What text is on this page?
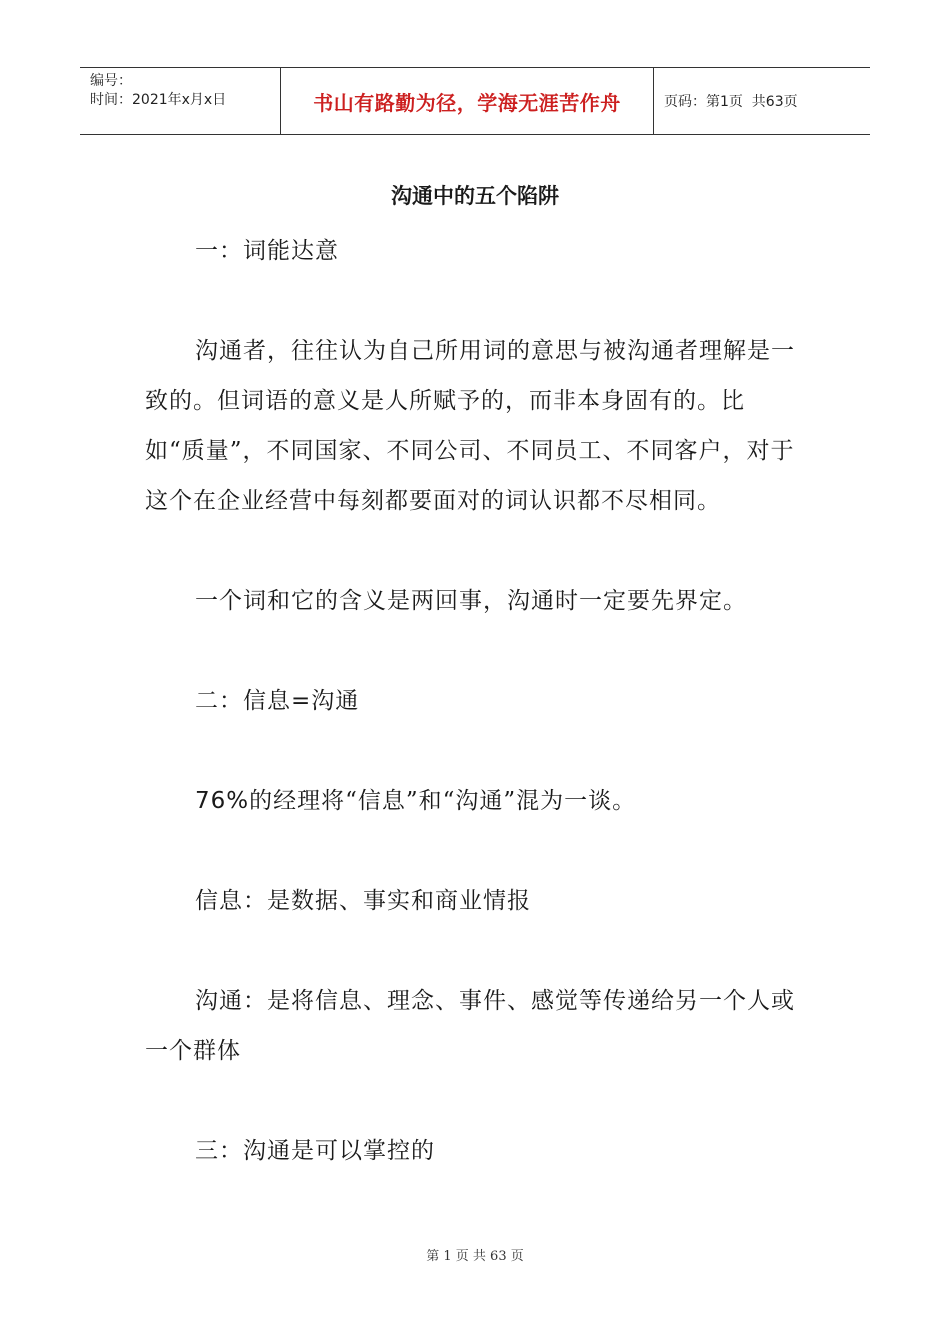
编号：
时间：2021年x月x日	书山有路勤为径，学海无涯苦作舟	页码：第1页  共63页
沟通中的五个陷阱

一：词能达意

沟通者，往往认为自己所用词的意思与被沟通者理解是一致的。但词语的意义是人所赋予的，而非本身固有的。比如“质量”，不同国家、不同公司、不同员工、不同客户，对于这个在企业经营中每刻都要面对的词认识都不尽相同。

一个词和它的含义是两回事，沟通时一定要先界定。

二：信息=沟通

76%的经理将“信息”和“沟通”混为一谈。

信息：是数据、事实和商业情报

沟通：是将信息、理念、事件、感觉等传递给另一个人或一个群体

三：沟通是可以掌控的

第 1 页 共 63 页
